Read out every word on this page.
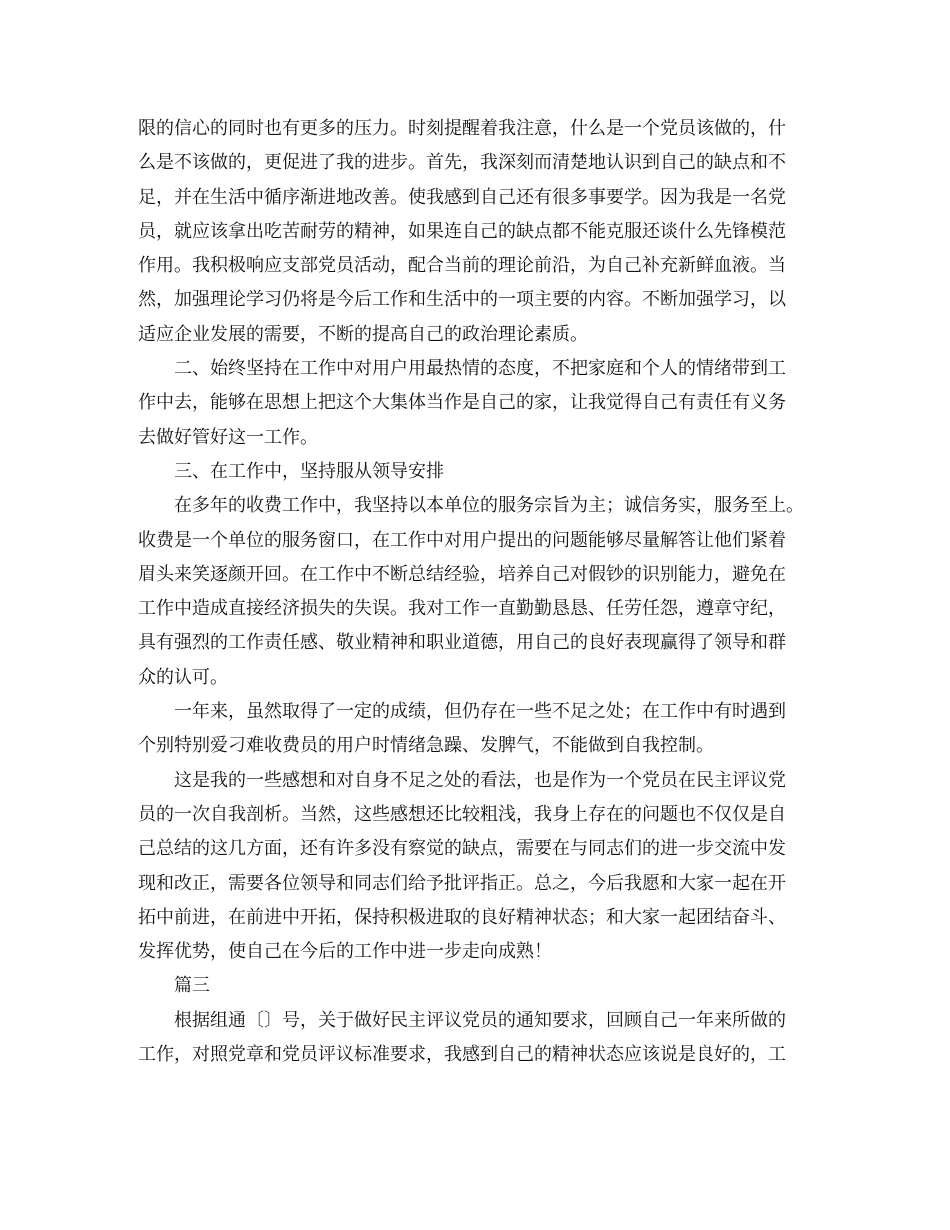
限的信心的同时也有更多的压力。时刻提醒着我注意，什么是一个党员该做的，什
么是不该做的，更促进了我的进步。首先，我深刻而清楚地认识到自己的缺点和不
足，并在生活中循序渐进地改善。使我感到自己还有很多事要学。因为我是一名党
员，就应该拿出吃苦耐劳的精神，如果连自己的缺点都不能克服还谈什么先锋模范
作用。我积极响应支部党员活动，配合当前的理论前沿，为自己补充新鲜血液。当
然，加强理论学习仍将是今后工作和生活中的一项主要的内容。不断加强学习，以
适应企业发展的需要，不断的提高自己的政治理论素质。
二、始终坚持在工作中对用户用最热情的态度，不把家庭和个人的情绪带到工
作中去，能够在思想上把这个大集体当作是自己的家，让我觉得自己有责任有义务
去做好管好这一工作。
三、在工作中，坚持服从领导安排
在多年的收费工作中，我坚持以本单位的服务宗旨为主；诚信务实，服务至上。
收费是一个单位的服务窗口，在工作中对用户提出的问题能够尽量解答让他们紧着
眉头来笑逐颜开回。在工作中不断总结经验，培养自己对假钞的识别能力，避免在
工作中造成直接经济损失的失误。我对工作一直勤勤恳恳、任劳任怨，遵章守纪，
具有强烈的工作责任感、敬业精神和职业道德，用自己的良好表现赢得了领导和群
众的认可。
一年来，虽然取得了一定的成绩，但仍存在一些不足之处；在工作中有时遇到
个别特别爱刁难收费员的用户时情绪急躁、发脾气，不能做到自我控制。
这是我的一些感想和对自身不足之处的看法，也是作为一个党员在民主评议党
员的一次自我剖析。当然，这些感想还比较粗浅，我身上存在的问题也不仅仅是自
己总结的这几方面，还有许多没有察觉的缺点，需要在与同志们的进一步交流中发
现和改正，需要各位领导和同志们给予批评指正。总之，今后我愿和大家一起在开
拓中前进，在前进中开拓，保持积极进取的良好精神状态；和大家一起团结奋斗、
发挥优势，使自己在今后的工作中进一步走向成熟！
篇三
根据组通〔〕号，关于做好民主评议党员的通知要求，回顾自己一年来所做的
工作，对照党章和党员评议标准要求，我感到自己的精神状态应该说是良好的，工
